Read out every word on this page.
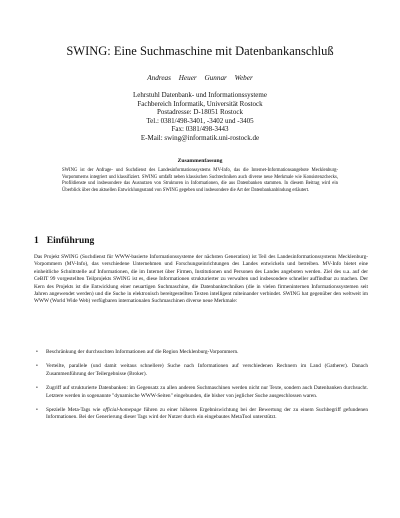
SWING: Eine Suchmaschine mit Datenbankanschluß
Andreas Heuer Gunnar Weber
Lehrstuhl Datenbank- und Informationssysteme
Fachbereich Informatik, Universität Rostock
Postadresse: D-18051 Rostock
Tel.: 0381/498-3401, -3402 und -3405
Fax: 0381/498-3443
E-Mail: swing@informatik.uni-rostock.de
Zusammenfassung
SWING ist der Anfrage- und Suchdienst des Landesinformationssystems MV-Info, das die Internet-Informationsangebote Mecklenburg-Vorpommerns integriert und klassifiziert. SWING umfaßt neben klassischen Suchtechniken auch diverse neue Merkmale wie Konsistenzchecks, Profildienste und insbesondere das Ausnutzen von Strukturen in Informationen, die aus Datenbanken stammen. In diesem Beitrag wird ein Überblick über den aktuellen Entwicklungsstand von SWING gegeben und insbesondere die Art der Datenbankanbindung erläutert.
1 Einführung
Das Projekt SWING (Suchdienst für WWW-basierte Informationssysteme der nächsten Generation) ist Teil des Landesinformationssystems Mecklenburg-Vorpommern (MV-Info), das verschiedene Unternehmen und Forschungseinrichtungen des Landes entwickeln und betreiben. MV-Info bietet eine einheitliche Schnittstelle auf Informationen, die im Internet über Firmen, Institutionen und Personen des Landes angeboten werden. Ziel des u.a. auf der CeBIT 99 vorgestellten Teilprojekts SWING ist es, diese Informationen strukturierter zu verwalten und insbesondere schneller auffindbar zu machen. Der Kern des Projekts ist die Entwicklung einer neuartigen Suchmaschine, die Datenbanktechniken (die in vielen firmeninternen Informationssystemen seit Jahren angewendet werden) und die Suche in elektronisch bereitgestellten Texten intelligent miteinander verbindet. SWING hat gegenüber den weltweit im WWW (World Wide Web) verfügbaren internationalen Suchmaschinen diverse neue Merkmale:
• Beschränkung der durchsuchten Informationen auf die Region Mecklenburg-Vorpommern.
• Verteilte, parallele (und damit weitaus schnellere) Suche nach Informationen auf verschiedenen Rechnern im Land (Gatherer). Danach Zusammenführung der Teilergebnisse (Broker).
• Zugriff auf strukturierte Datenbanken: im Gegensatz zu allen anderen Suchmaschinen werden nicht nur Texte, sondern auch Datenbanken durchsucht. Letztere werden in sogenannte "dynamische WWW-Seiten" eingebunden, die bisher von jeglicher Suche ausgeschlossen waren.
• Spezielle Meta-Tags wie official-homepage führen zu einer höheren Ergebniswichtung bei der Bewertung der zu einem Suchbegriff gefundenen Informationen. Bei der Generierung dieser Tags wird der Nutzer durch ein eingebautes MetaTool unterstützt.
